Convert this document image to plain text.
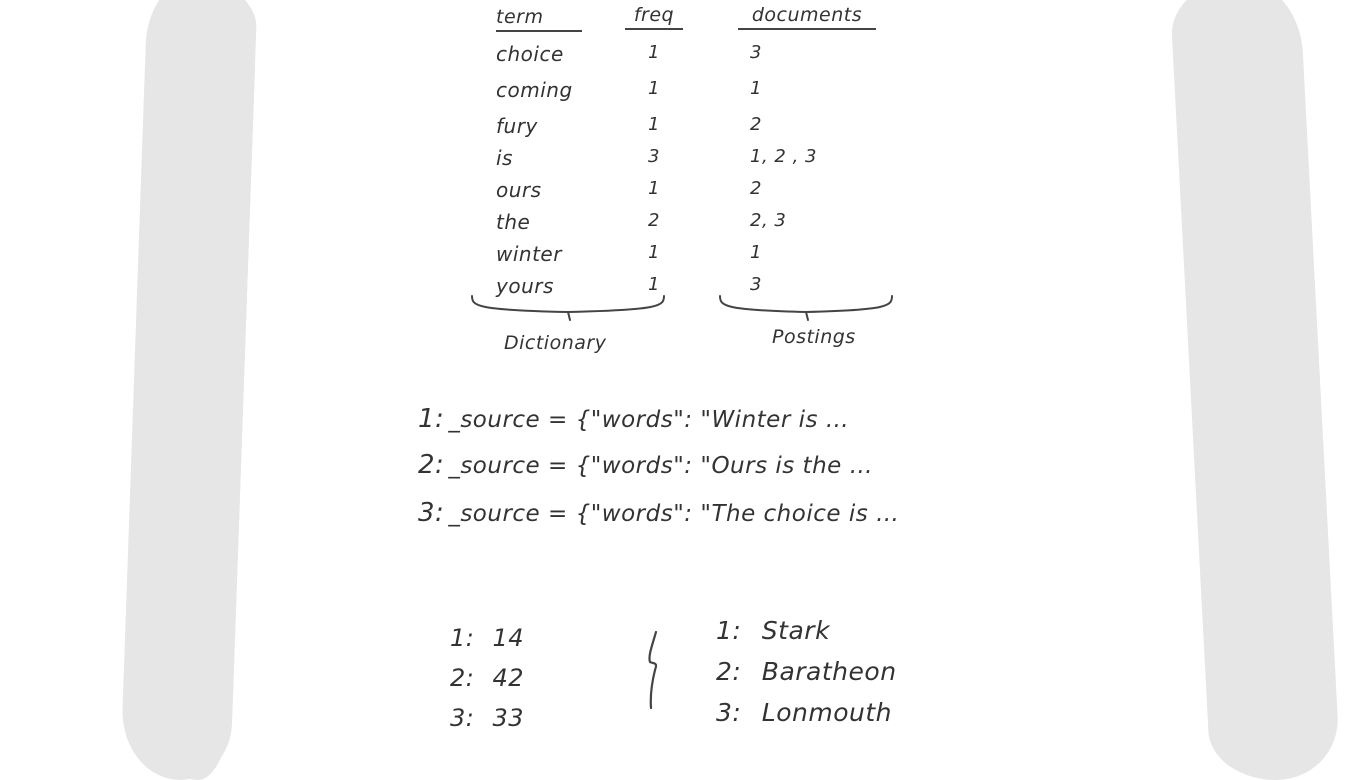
term	freq	documents
choice	1	3
coming	1	1
fury	1	2
is	3	1, 2 , 3
ours	1	2
the	2	2, 3
winter	1	1
yours	1	3
Dictionary	Postings
1: _source = {"words": "Winter is …
2: _source = {"words": "Ours is the …
3: _source = {"words": "The choice is …
1: 14
2: 42
3: 33
1: Stark
2: Baratheon
3: Lonmouth
